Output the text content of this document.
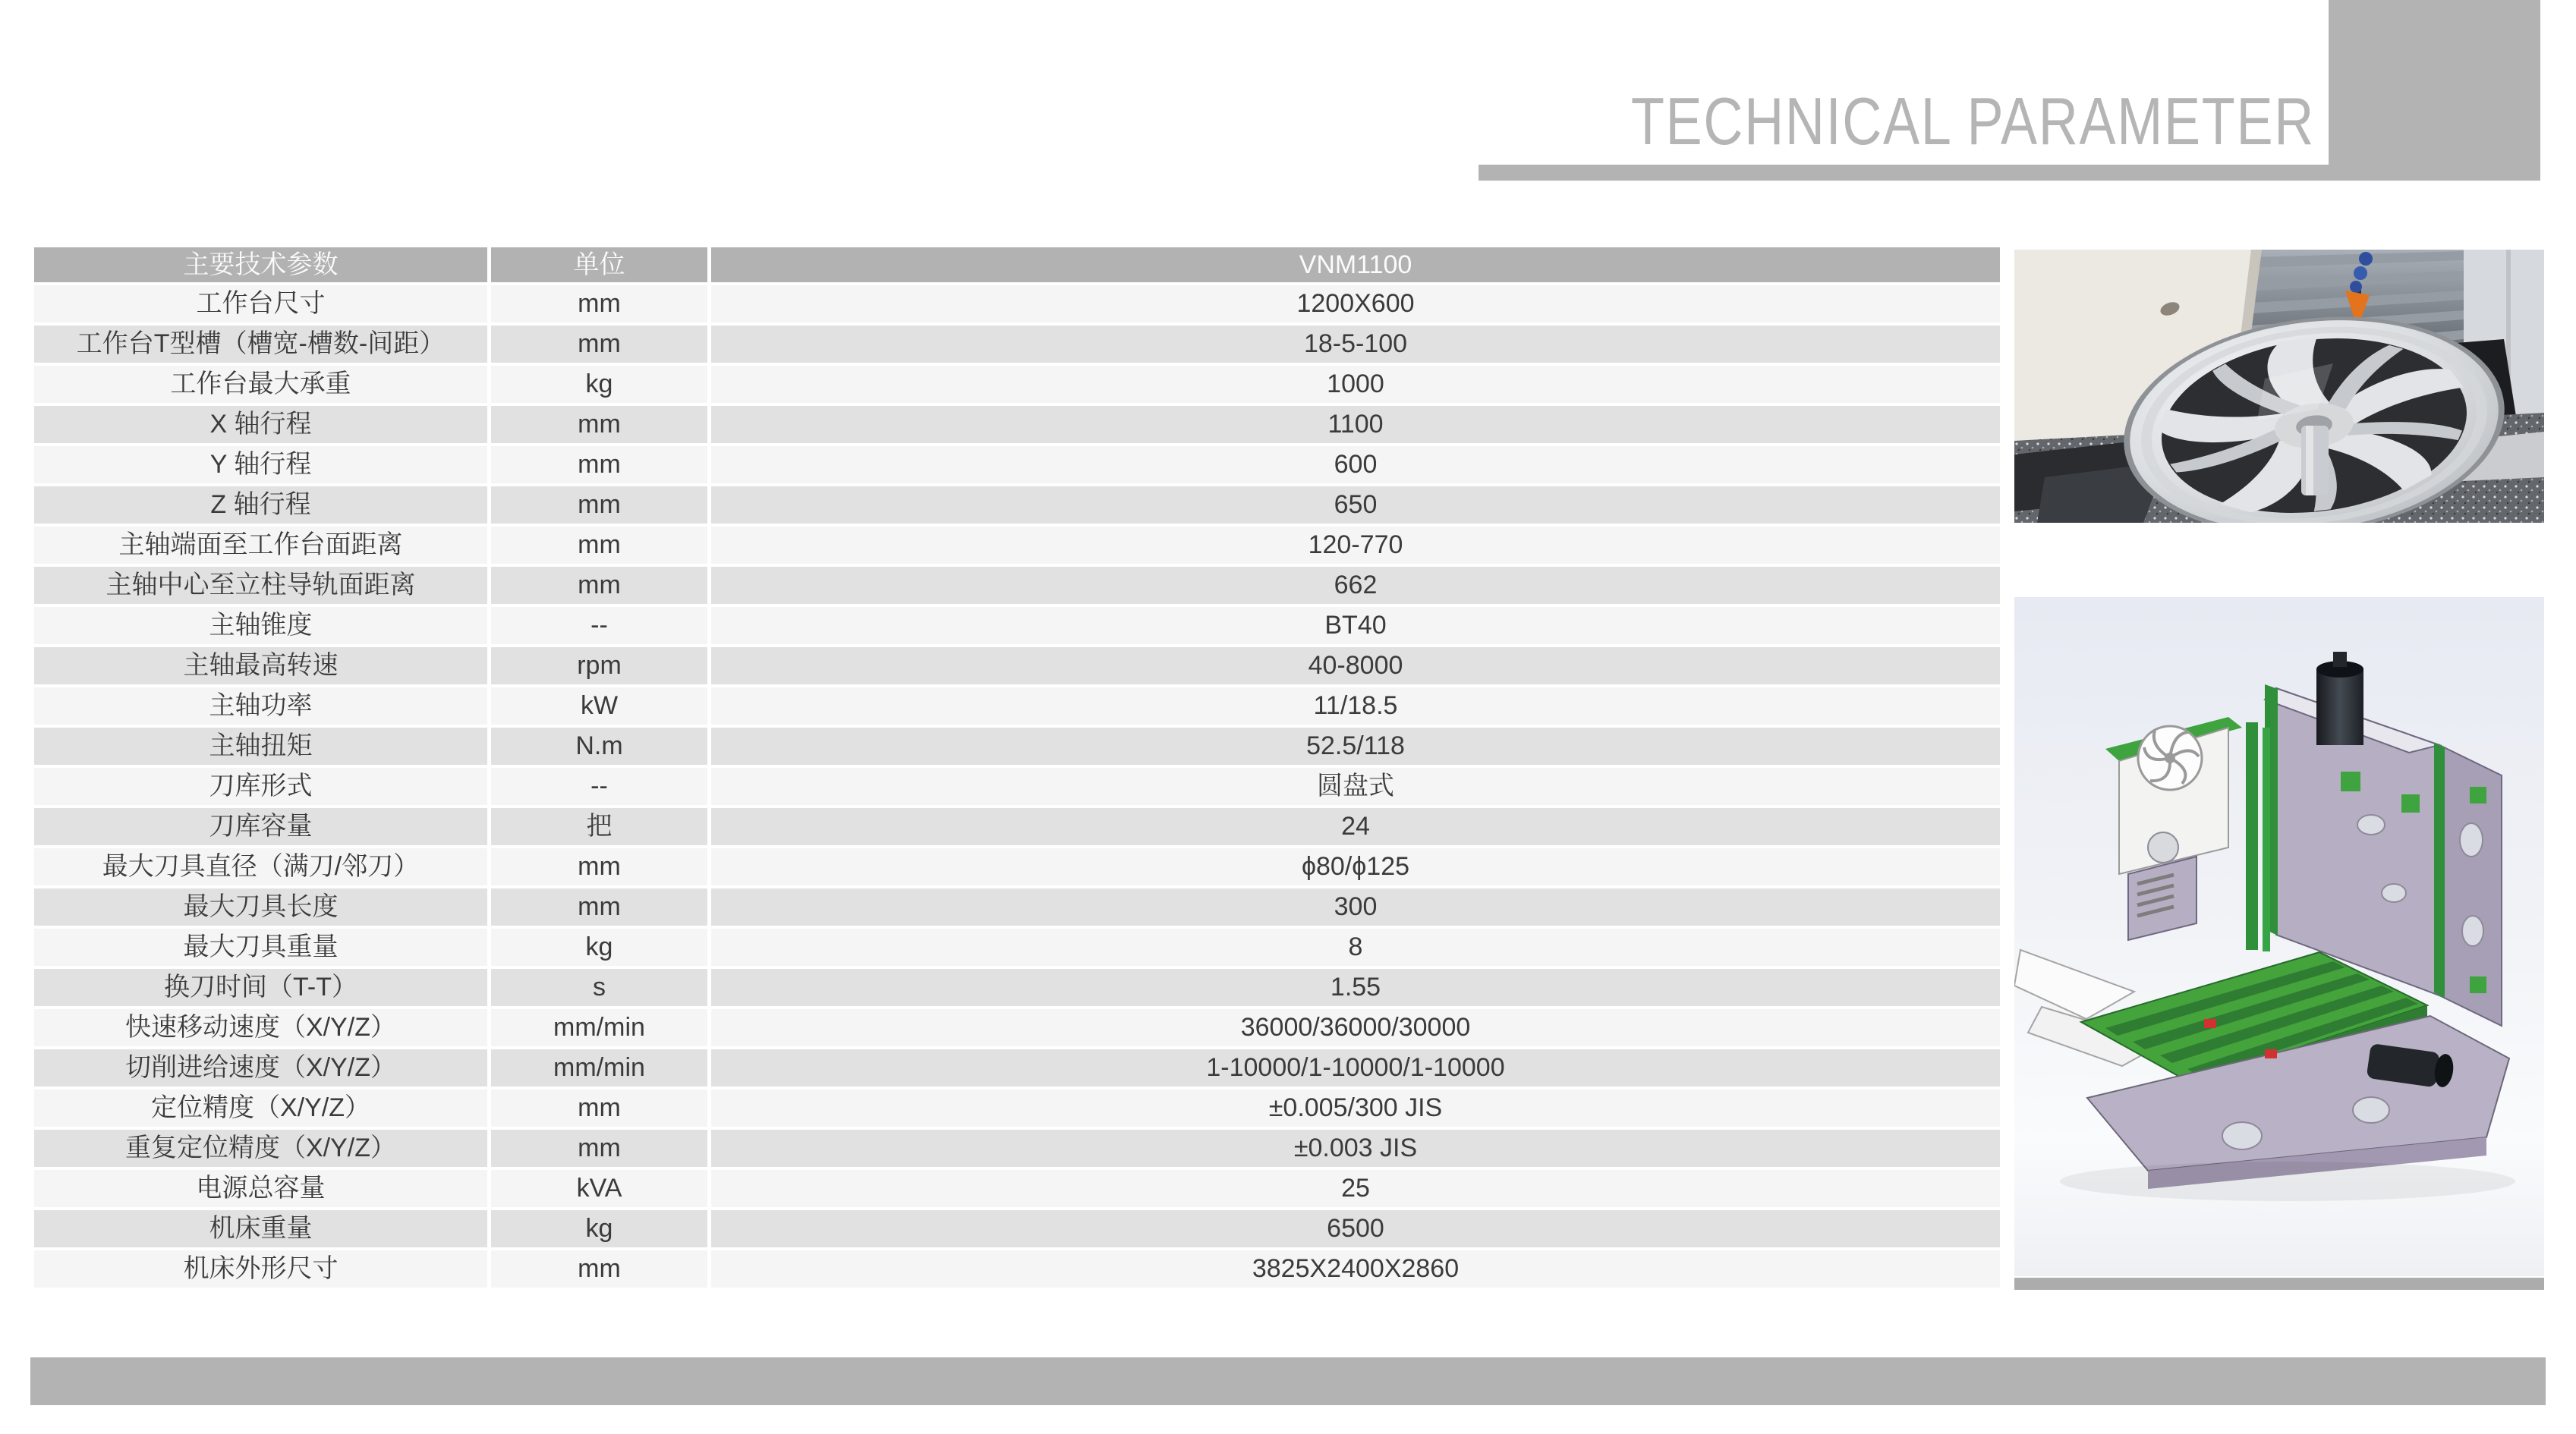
TECHNICAL PARAMETER
主要技术参数	单位	VNM1100
工作台尺寸	mm	1200X600
工作台T型槽（槽宽-槽数-间距）	mm	18-5-100
工作台最大承重	kg	1000
X 轴行程	mm	1100
Y 轴行程	mm	600
Z 轴行程	mm	650
主轴端面至工作台面距离	mm	120-770
主轴中心至立柱导轨面距离	mm	662
主轴锥度	--	BT40
主轴最高转速	rpm	40-8000
主轴功率	kW	11/18.5
主轴扭矩	N.m	52.5/118
刀库形式	--	圆盘式
刀库容量	把	24
最大刀具直径（满刀/邻刀）	mm	ϕ80/ϕ125
最大刀具长度	mm	300
最大刀具重量	kg	8
换刀时间（T-T）	s	1.55
快速移动速度（X/Y/Z）	mm/min	36000/36000/30000
切削进给速度（X/Y/Z）	mm/min	1-10000/1-10000/1-10000
定位精度（X/Y/Z）	mm	±0.005/300 JIS
重复定位精度（X/Y/Z）	mm	±0.003 JIS
电源总容量	kVA	25
机床重量	kg	6500
机床外形尺寸	mm	3825X2400X2860
